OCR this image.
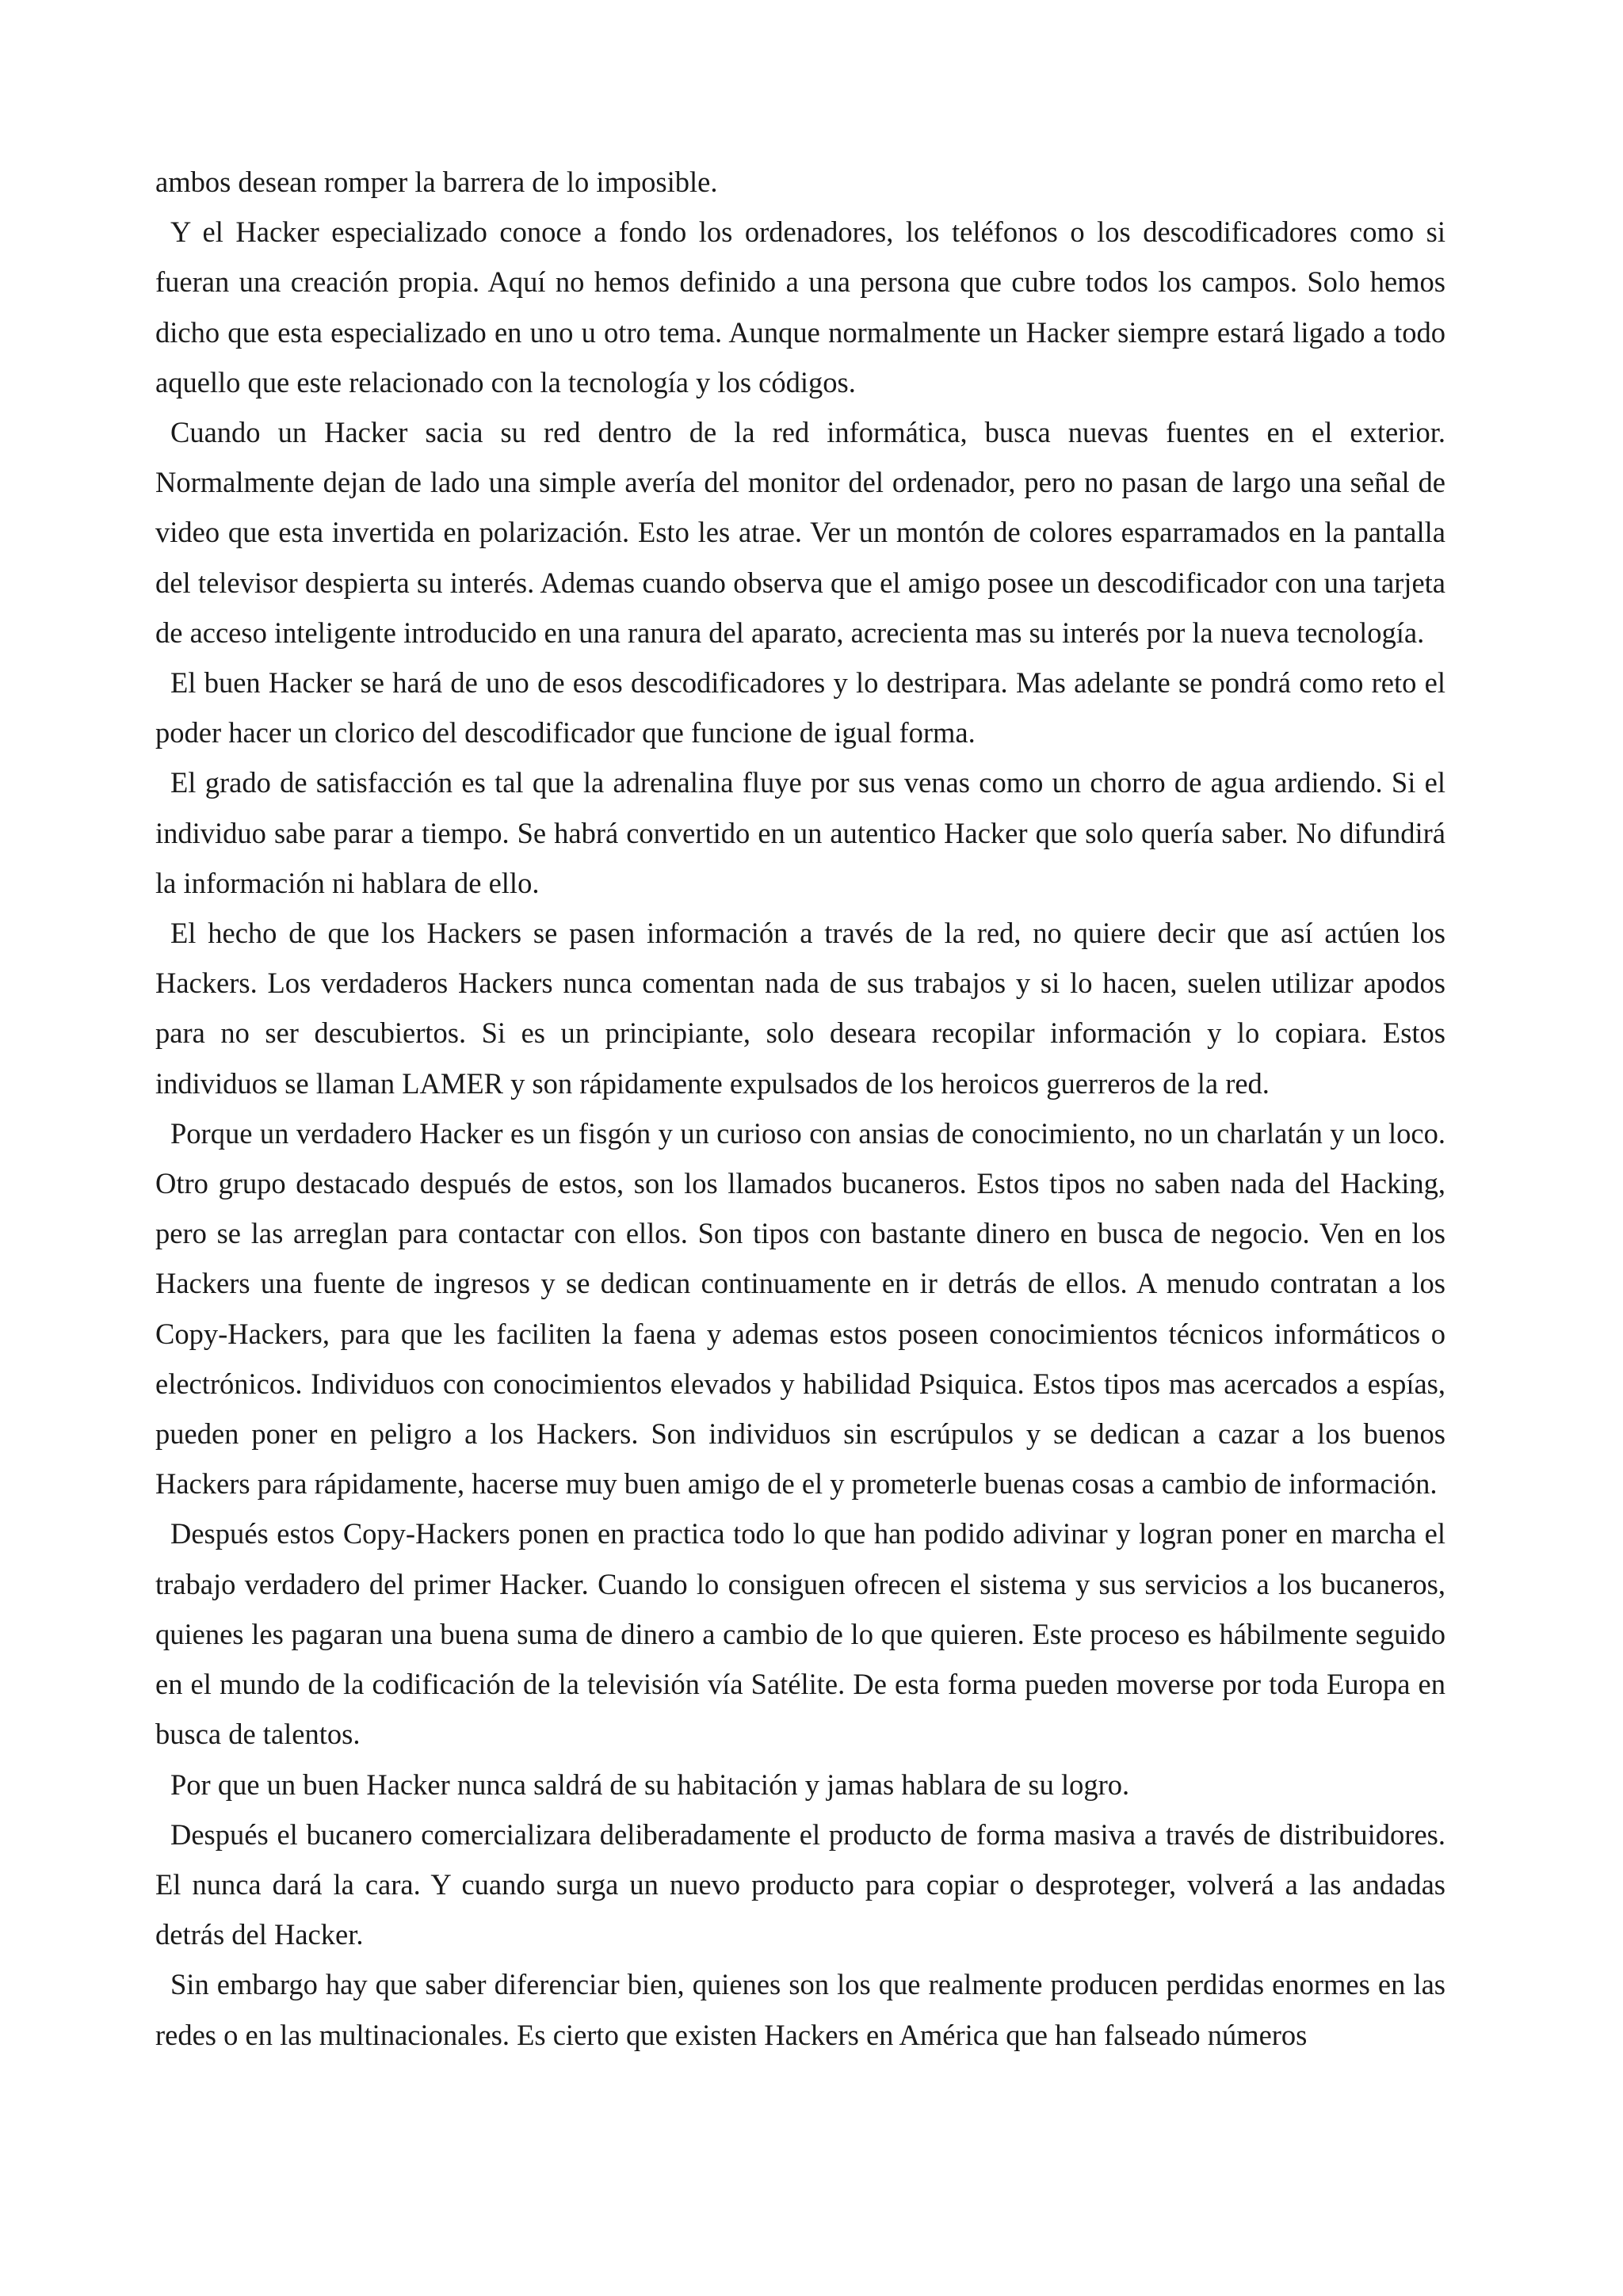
ambos desean romper la barrera de lo imposible.

Y el Hacker especializado conoce a fondo los ordenadores, los teléfonos o los descodificadores como si fueran una creación propia. Aquí no hemos definido a una persona que cubre todos los campos. Solo hemos dicho que esta especializado en uno u otro tema. Aunque normalmente un Hacker siempre estará ligado a todo aquello que este relacionado con la tecnología y los códigos.

Cuando un Hacker sacia su red dentro de la red informática, busca nuevas fuentes en el exterior. Normalmente dejan de lado una simple avería del monitor del ordenador, pero no pasan de largo una señal de video que esta invertida en polarización. Esto les atrae. Ver un montón de colores esparramados en la pantalla del televisor despierta su interés. Ademas cuando observa que el amigo posee un descodificador con una tarjeta de acceso inteligente introducido en una ranura del aparato, acrecienta mas su interés por la nueva tecnología.

El buen Hacker se hará de uno de esos descodificadores y lo destripara. Mas adelante se pondrá como reto el poder hacer un clorico del descodificador que funcione de igual forma.

El grado de satisfacción es tal que la adrenalina fluye por sus venas como un chorro de agua ardiendo. Si el individuo sabe parar a tiempo. Se habrá convertido en un autentico Hacker que solo quería saber. No difundirá la información ni hablara de ello.

El hecho de que los Hackers se pasen información a través de la red, no quiere decir que así actúen los Hackers. Los verdaderos Hackers nunca comentan nada de sus trabajos y si lo hacen, suelen utilizar apodos para no ser descubiertos. Si es un principiante, solo deseara recopilar información y lo copiara. Estos individuos se llaman LAMER y son rápidamente expulsados de los heroicos guerreros de la red.

Porque un verdadero Hacker es un fisgón y un curioso con ansias de conocimiento, no un charlatán y un loco. Otro grupo destacado después de estos, son los llamados bucaneros. Estos tipos no saben nada del Hacking, pero se las arreglan para contactar con ellos. Son tipos con bastante dinero en busca de negocio. Ven en los Hackers una fuente de ingresos y se dedican continuamente en ir detrás de ellos. A menudo contratan a los Copy-Hackers, para que les faciliten la faena y ademas estos poseen conocimientos técnicos informáticos o electrónicos. Individuos con conocimientos elevados y habilidad Psiquica. Estos tipos mas acercados a espías, pueden poner en peligro a los Hackers. Son individuos sin escrúpulos y se dedican a cazar a los buenos Hackers para rápidamente, hacerse muy buen amigo de el y prometerle buenas cosas a cambio de información.

Después estos Copy-Hackers ponen en practica todo lo que han podido adivinar y logran poner en marcha el trabajo verdadero del primer Hacker. Cuando lo consiguen ofrecen el sistema y sus servicios a los bucaneros, quienes les pagaran una buena suma de dinero a cambio de lo que quieren. Este proceso es hábilmente seguido en el mundo de la codificación de la televisión vía Satélite. De esta forma pueden moverse por toda Europa en busca de talentos.

Por que un buen Hacker nunca saldrá de su habitación y jamas hablara de su logro.

Después el bucanero comercializara deliberadamente el producto de forma masiva a través de distribuidores. El nunca dará la cara. Y cuando surga un nuevo producto para copiar o desproteger, volverá a las andadas detrás del Hacker.

Sin embargo hay que saber diferenciar bien, quienes son los que realmente producen perdidas enormes en las redes o en las multinacionales. Es cierto que existen Hackers en América que han falseado números
